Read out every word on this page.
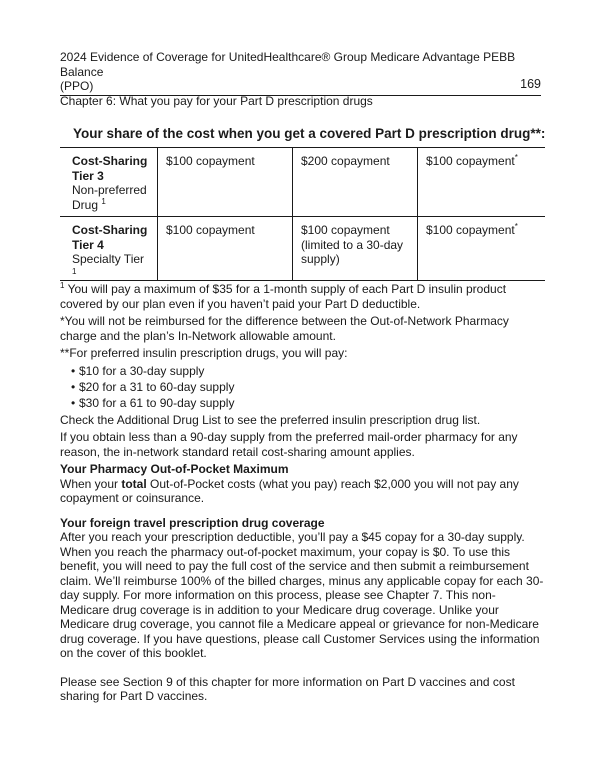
2024 Evidence of Coverage for UnitedHealthcare® Group Medicare Advantage PEBB Balance
(PPO)
Chapter 6: What you pay for your Part D prescription drugs
169
Your share of the cost when you get a covered Part D prescription drug**:
Cost-Sharing Tier 3
Non-preferred Drug $^1$	$100 copayment	$200 copayment	$100 copayment*

Cost-Sharing Tier 4
Specialty Tier
1	$100 copayment	$100 copayment (limited to a 30-day supply)	$100 copayment*

$^1$ You will pay a maximum of $35 for a 1-month supply of each Part D insulin product covered by our plan even if you haven’t paid your Part D deductible.

*You will not be reimbursed for the difference between the Out-of-Network Pharmacy charge and the plan’s In-Network allowable amount.

**For preferred insulin prescription drugs, you will pay:

• $10 for a 30-day supply
• $20 for a 31 to 60-day supply
• $30 for a 61 to 90-day supply

Check the Additional Drug List to see the preferred insulin prescription drug list.

If you obtain less than a 90-day supply from the preferred mail-order pharmacy for any reason, the in-network standard retail cost-sharing amount applies.

Your Pharmacy Out-of-Pocket Maximum

When your total Out-of-Pocket costs (what you pay) reach $2,000 you will not pay any copayment or coinsurance.

Your foreign travel prescription drug coverage

After you reach your prescription deductible, you’ll pay a $45 copay for a 30-day supply. When you reach the pharmacy out-of-pocket maximum, your copay is $0. To use this benefit, you will need to pay the full cost of the service and then submit a reimbursement claim. We’ll reimburse 100% of the billed charges, minus any applicable copay for each 30-day supply. For more information on this process, please see Chapter 7. This non-Medicare drug coverage is in addition to your Medicare drug coverage. Unlike your Medicare drug coverage, you cannot file a Medicare appeal or grievance for non-Medicare drug coverage. If you have questions, please call Customer Services using the information on the cover of this booklet.

Please see Section 9 of this chapter for more information on Part D vaccines and cost sharing for Part D vaccines.
